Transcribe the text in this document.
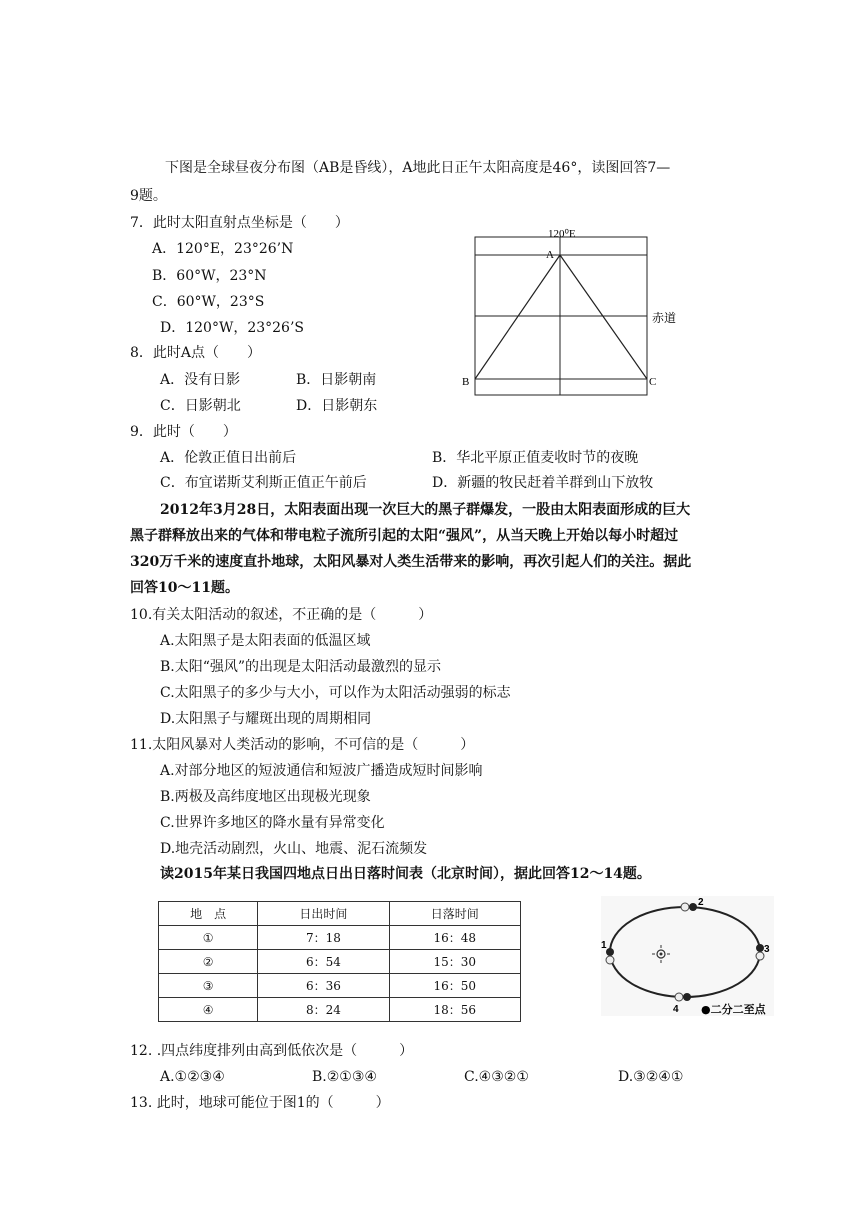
下图是全球昼夜分布图（AB是昏线），A地此日正午太阳高度是46°，读图回答7—
9题。
7．此时太阳直射点坐标是（　　）
A．120°E，23°26’N
B．60°W，23°N
C．60°W，23°S
D．120°W，23°26’S
8．此时A点（　　）
A．没有日影	B．日影朝南
C．日影朝北	D．日影朝东
9．此时（　　）
A．伦敦正值日出前后	B．华北平原正值麦收时节的夜晚
C．布宜诺斯艾利斯正值正午前后	D．新疆的牧民赶着羊群到山下放牧
120⁰E
A
B	C
赤道
2012年3月28日，太阳表面出现一次巨大的黑子群爆发，一股由太阳表面形成的巨大
黑子群释放出来的气体和带电粒子流所引起的太阳“强风”，从当天晚上开始以每小时超过
320万千米的速度直扑地球，太阳风暴对人类生活带来的影响，再次引起人们的关注。据此
回答10～11题。
10.有关太阳活动的叙述，不正确的是（　　　）
A.太阳黑子是太阳表面的低温区域
B.太阳“强风”的出现是太阳活动最激烈的显示
C.太阳黑子的多少与大小，可以作为太阳活动强弱的标志
D.太阳黑子与耀斑出现的周期相同
11.太阳风暴对人类活动的影响，不可信的是（　　　）
A.对部分地区的短波通信和短波广播造成短时间影响
B.两极及高纬度地区出现极光现象
C.世界许多地区的降水量有异常变化
D.地壳活动剧烈，火山、地震、泥石流频发
读2015年某日我国四地点日出日落时间表（北京时间），据此回答12～14题。
地　点	日出时间	日落时间
①	7：18	16：48
②	6：54	15：30
③	6：36	16：50
④	8：24	18：56
1
2
3
4 ●二分二至点
12. .四点纬度排列由高到低依次是（　　　）
A.①②③④	B.②①③④	C.④③②①	D.③②④①
13. 此时，地球可能位于图1的（　　　）
